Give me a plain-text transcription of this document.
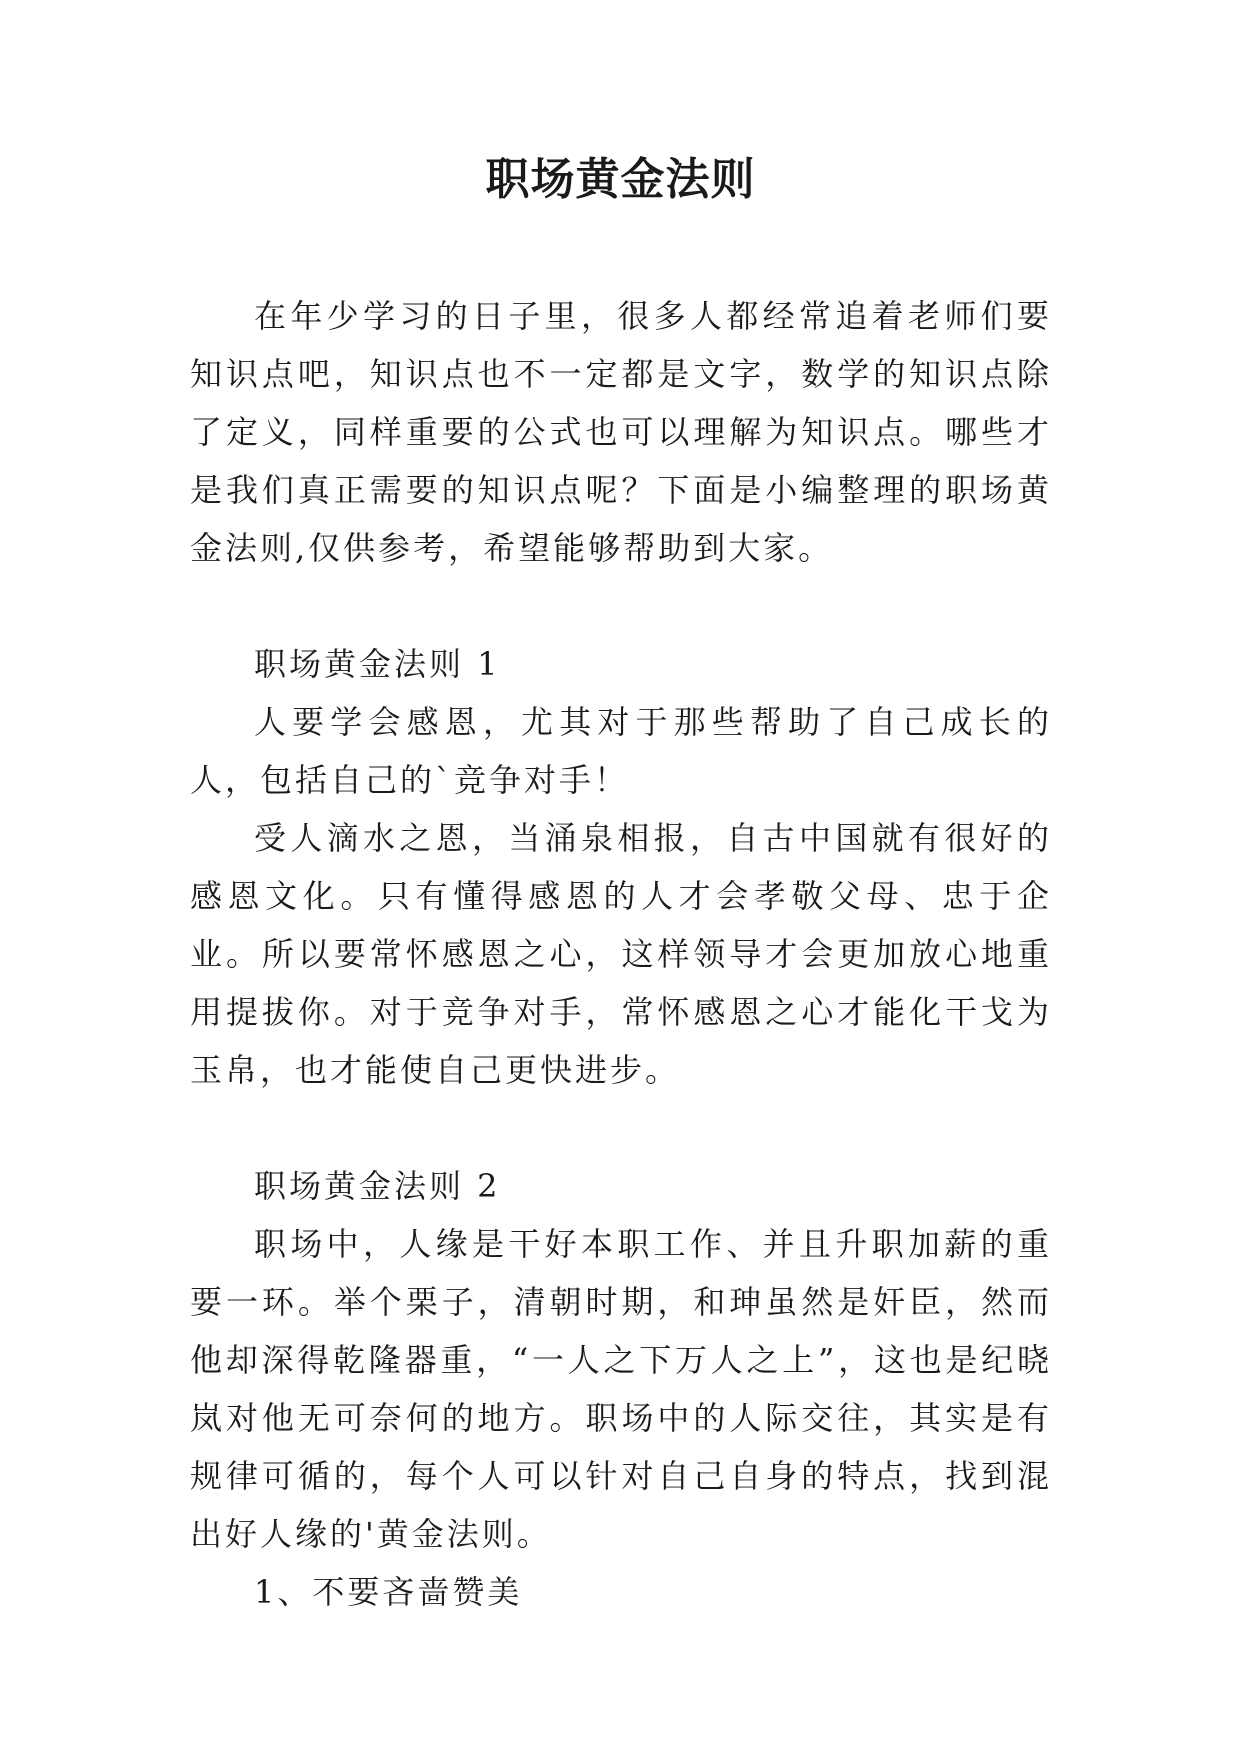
职场黄金法则

在年少学习的日子里，很多人都经常追着老师们要知识点吧，知识点也不一定都是文字，数学的知识点除了定义，同样重要的公式也可以理解为知识点。哪些才是我们真正需要的知识点呢？下面是小编整理的职场黄金法则,仅供参考，希望能够帮助到大家。

职场黄金法则 1

人要学会感恩，尤其对于那些帮助了自己成长的人，包括自己的`竞争对手！

受人滴水之恩，当涌泉相报，自古中国就有很好的感恩文化。只有懂得感恩的人才会孝敬父母、忠于企业。所以要常怀感恩之心，这样领导才会更加放心地重用提拔你。对于竞争对手，常怀感恩之心才能化干戈为玉帛，也才能使自己更快进步。

职场黄金法则 2

职场中，人缘是干好本职工作、并且升职加薪的重要一环。举个栗子，清朝时期，和珅虽然是奸臣，然而他却深得乾隆器重，“一人之下万人之上”，这也是纪晓岚对他无可奈何的地方。职场中的人际交往，其实是有规律可循的，每个人可以针对自己自身的特点，找到混出好人缘的'黄金法则。

1、不要吝啬赞美
